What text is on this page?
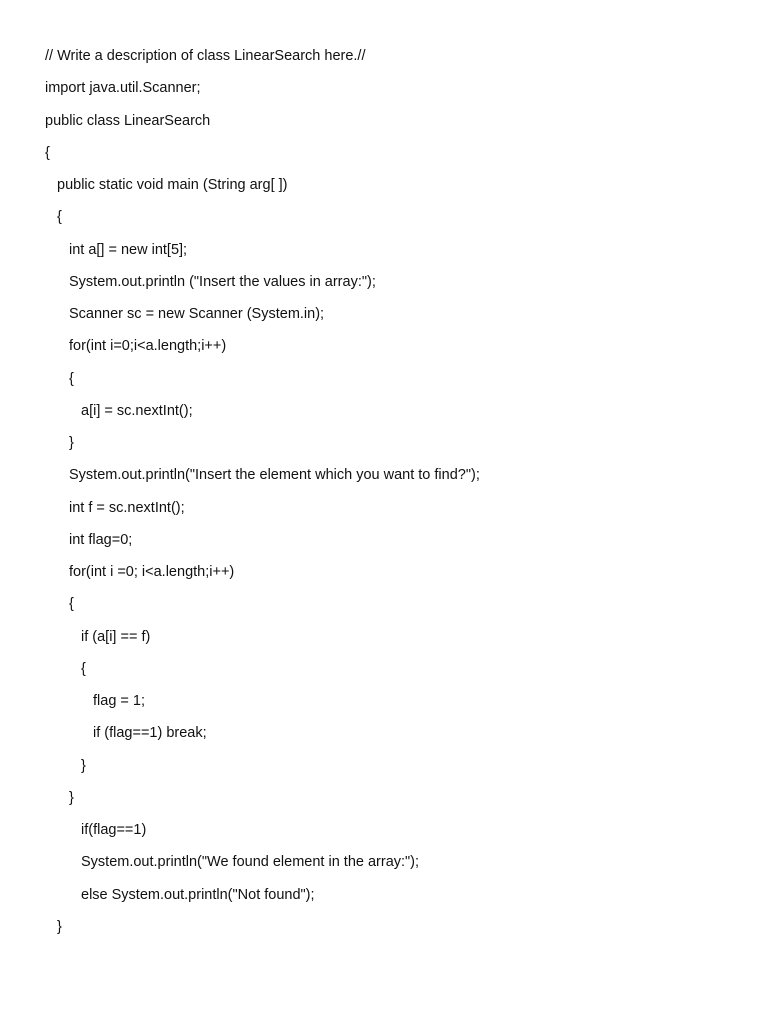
// Write a description of class LinearSearch here.//
import java.util.Scanner;
public class LinearSearch
{
public static void main (String arg[ ])
{
int a[] = new int[5];
System.out.println ("Insert the values in array:");
Scanner sc = new Scanner (System.in);
for(int i=0;i<a.length;i++)
{
a[i] = sc.nextInt();
}
System.out.println("Insert the element which you want to find?");
int f = sc.nextInt();
int flag=0;
for(int i =0; i<a.length;i++)
{
if (a[i] == f)
{
flag = 1;
if (flag==1) break;
}
}
if(flag==1)
System.out.println("We found element in the array:");
else System.out.println("Not found");
}
